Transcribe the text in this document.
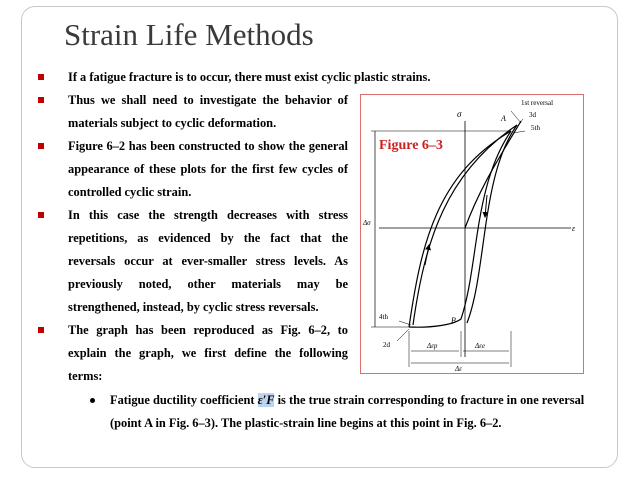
Strain Life Methods
If a fatigue fracture is to occur, there must exist cyclic plastic strains.
Thus we shall need to investigate the behavior of materials subject to cyclic deformation.
Figure 6–2 has been constructed to show the general appearance of these plots for the first few cycles of controlled cyclic strain.
In this case the strength decreases with stress repetitions, as evidenced by the fact that the reversals occur at ever-smaller stress levels. As previously noted, other materials may be strengthened, instead, by cyclic stress reversals.
The graph has been reproduced as Fig. 6–2, to explain the graph, we first define the following terms:
Fatigue ductility coefficient ε′F is the true strain corresponding to fracture in one reversal (point A in Fig. 6–3). The plastic-strain line begins at this point in Fig. 6–2.
Figure 6–3
σ
ε
Δσ
1st reversal
3d
5th
A
B
4th
2d	Δεp	Δεe
Δε
